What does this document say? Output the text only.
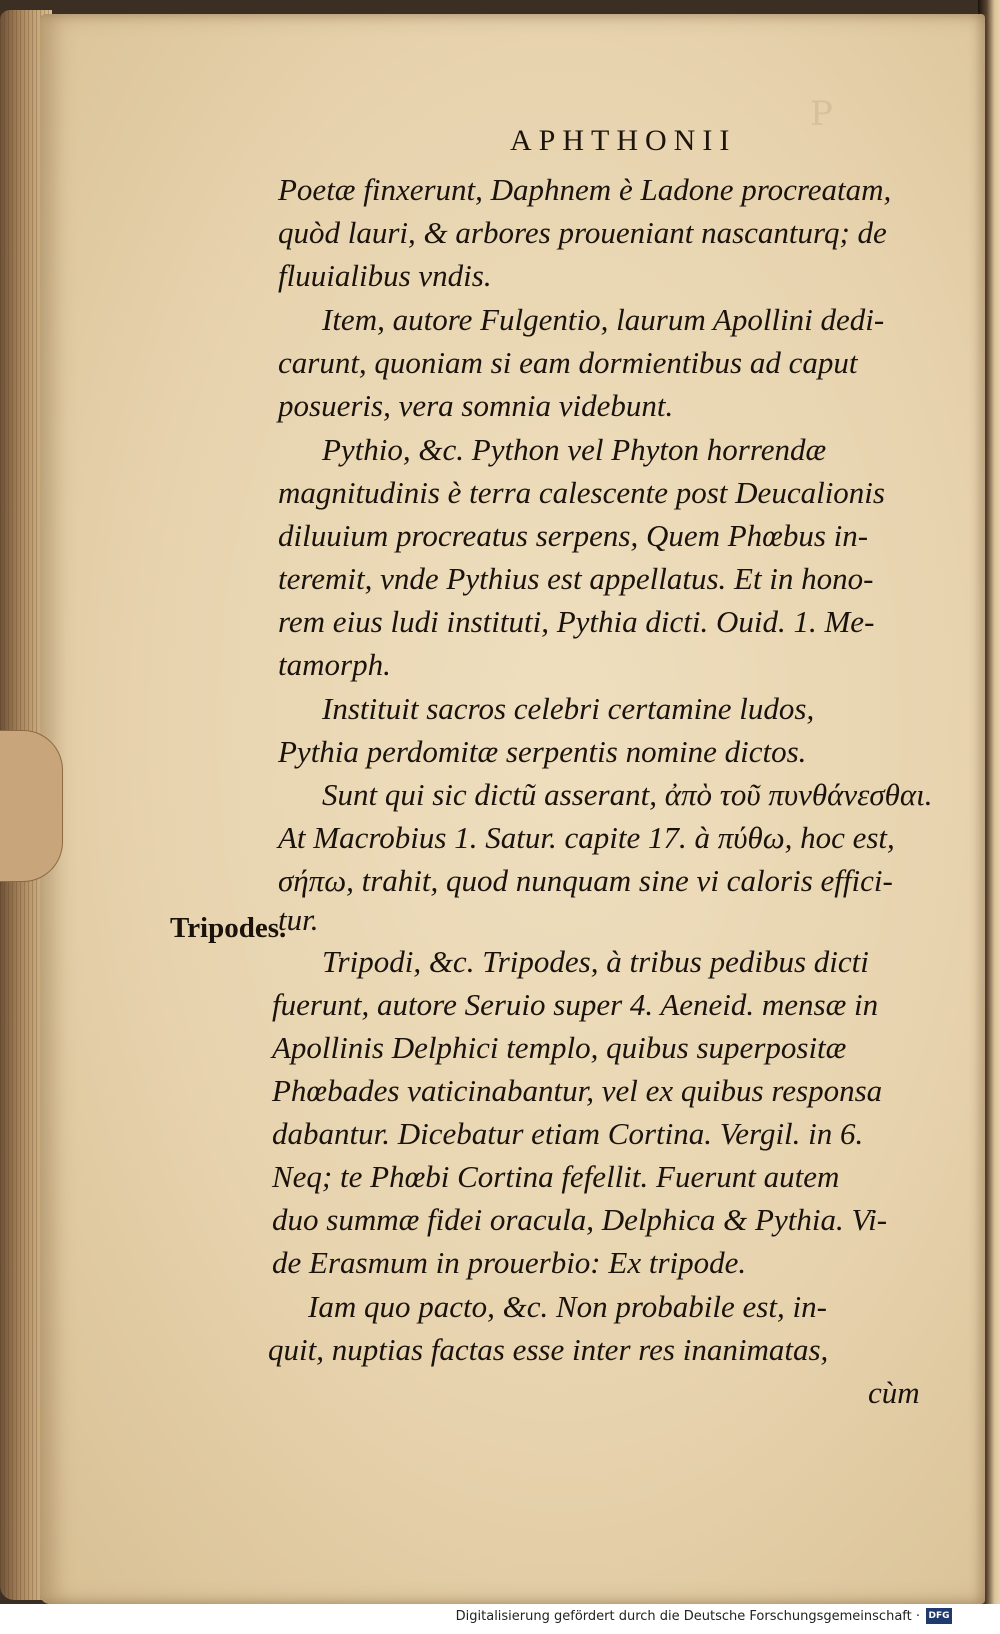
P
APHTHONII
Tripodes.
Poetæ finxerunt, Daphnem è Ladone procreatam,
quòd lauri, & arbores proueniant nascanturq; de
fluuialibus vndis.
Item, autore Fulgentio, laurum Apollini dedi-
carunt, quoniam si eam dormientibus ad caput
posueris, vera somnia videbunt.
Pythio, &c. Python vel Phyton horrendæ
magnitudinis è terra calescente post Deucalionis
diluuium procreatus serpens, Quem Phœbus in-
teremit, vnde Pythius est appellatus. Et in hono-
rem eius ludi instituti, Pythia dicti. Ouid. 1. Me-
tamorph.
Instituit sacros celebri certamine ludos,
Pythia perdomitæ serpentis nomine dictos.
Sunt qui sic dictũ asserant, ἀπὸ τοῦ πυνθάνεσθαι.
At Macrobius 1. Satur. capite 17. à πύθω, hoc est,
σήπω, trahit, quod nunquam sine vi caloris effici-
tur.
Tripodi, &c. Tripodes, à tribus pedibus dicti
fuerunt, autore Seruio super 4. Aeneid. mensæ in
Apollinis Delphici templo, quibus superpositæ
Phœbades vaticinabantur, vel ex quibus responsa
dabantur. Dicebatur etiam Cortina. Vergil. in 6.
Neq; te Phœbi Cortina fefellit. Fuerunt autem
duo summæ fidei oracula, Delphica & Pythia. Vi-
de Erasmum in prouerbio: Ex tripode.
Iam quo pacto, &c. Non probabile est, in-
quit, nuptias factas esse inter res inanimatas,
cùm
Digitalisierung gefördert durch die Deutsche Forschungsgemeinschaft · DFG
